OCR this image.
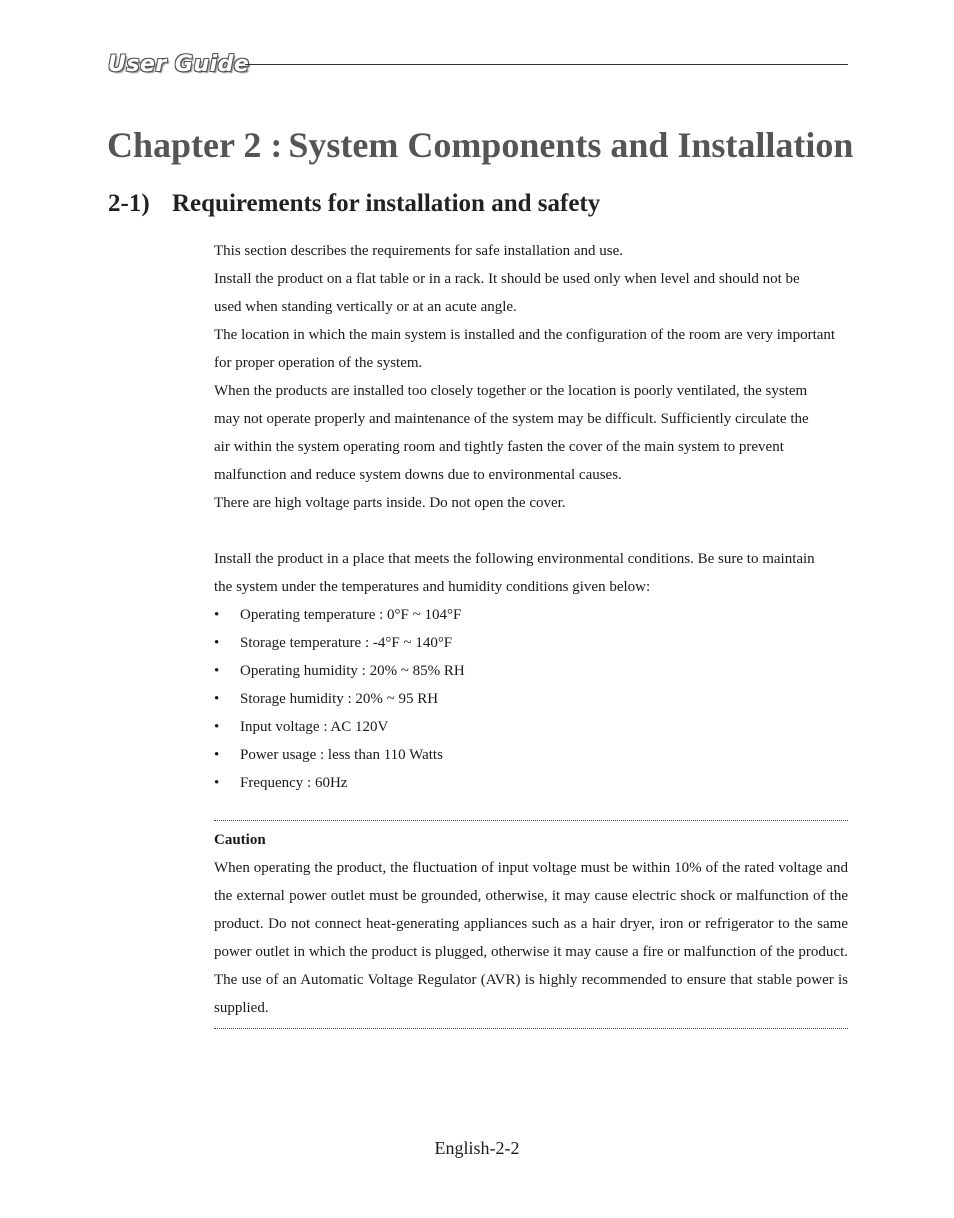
User Guide
Chapter 2 : System Components and Installation
2-1) Requirements for installation and safety

This section describes the requirements for safe installation and use.

Install the product on a flat table or in a rack. It should be used only when level and should not be

used when standing vertically or at an acute angle.

The location in which the main system is installed and the configuration of the room are very important

for proper operation of the system.

When the products are installed too closely together or the location is poorly ventilated, the system

may not operate properly and maintenance of the system may be difficult. Sufficiently circulate the

air within the system operating room and tightly fasten the cover of the main system to prevent

malfunction and reduce system downs due to environmental causes.

There are high voltage parts inside. Do not open the cover.

Install the product in a place that meets the following environmental conditions. Be sure to maintain

the system under the temperatures and humidity conditions given below:

• Operating temperature : 0°F ~ 104°F
• Storage temperature : -4°F ~ 140°F
• Operating humidity : 20% ~ 85% RH
• Storage humidity : 20% ~ 95 RH
• Input voltage : AC 120V
• Power usage : less than 110 Watts
• Frequency : 60Hz

Caution

When operating the product, the fluctuation of input voltage must be within 10% of the rated voltage and the external power outlet must be grounded, otherwise, it may cause electric shock or malfunction of the product. Do not connect heat-generating appliances such as a hair dryer, iron or refrigerator to the same power outlet in which the product is plugged, otherwise it may cause a fire or malfunction of the product. The use of an Automatic Voltage Regulator (AVR) is highly recommended to ensure that stable power is supplied.

English-2-2
